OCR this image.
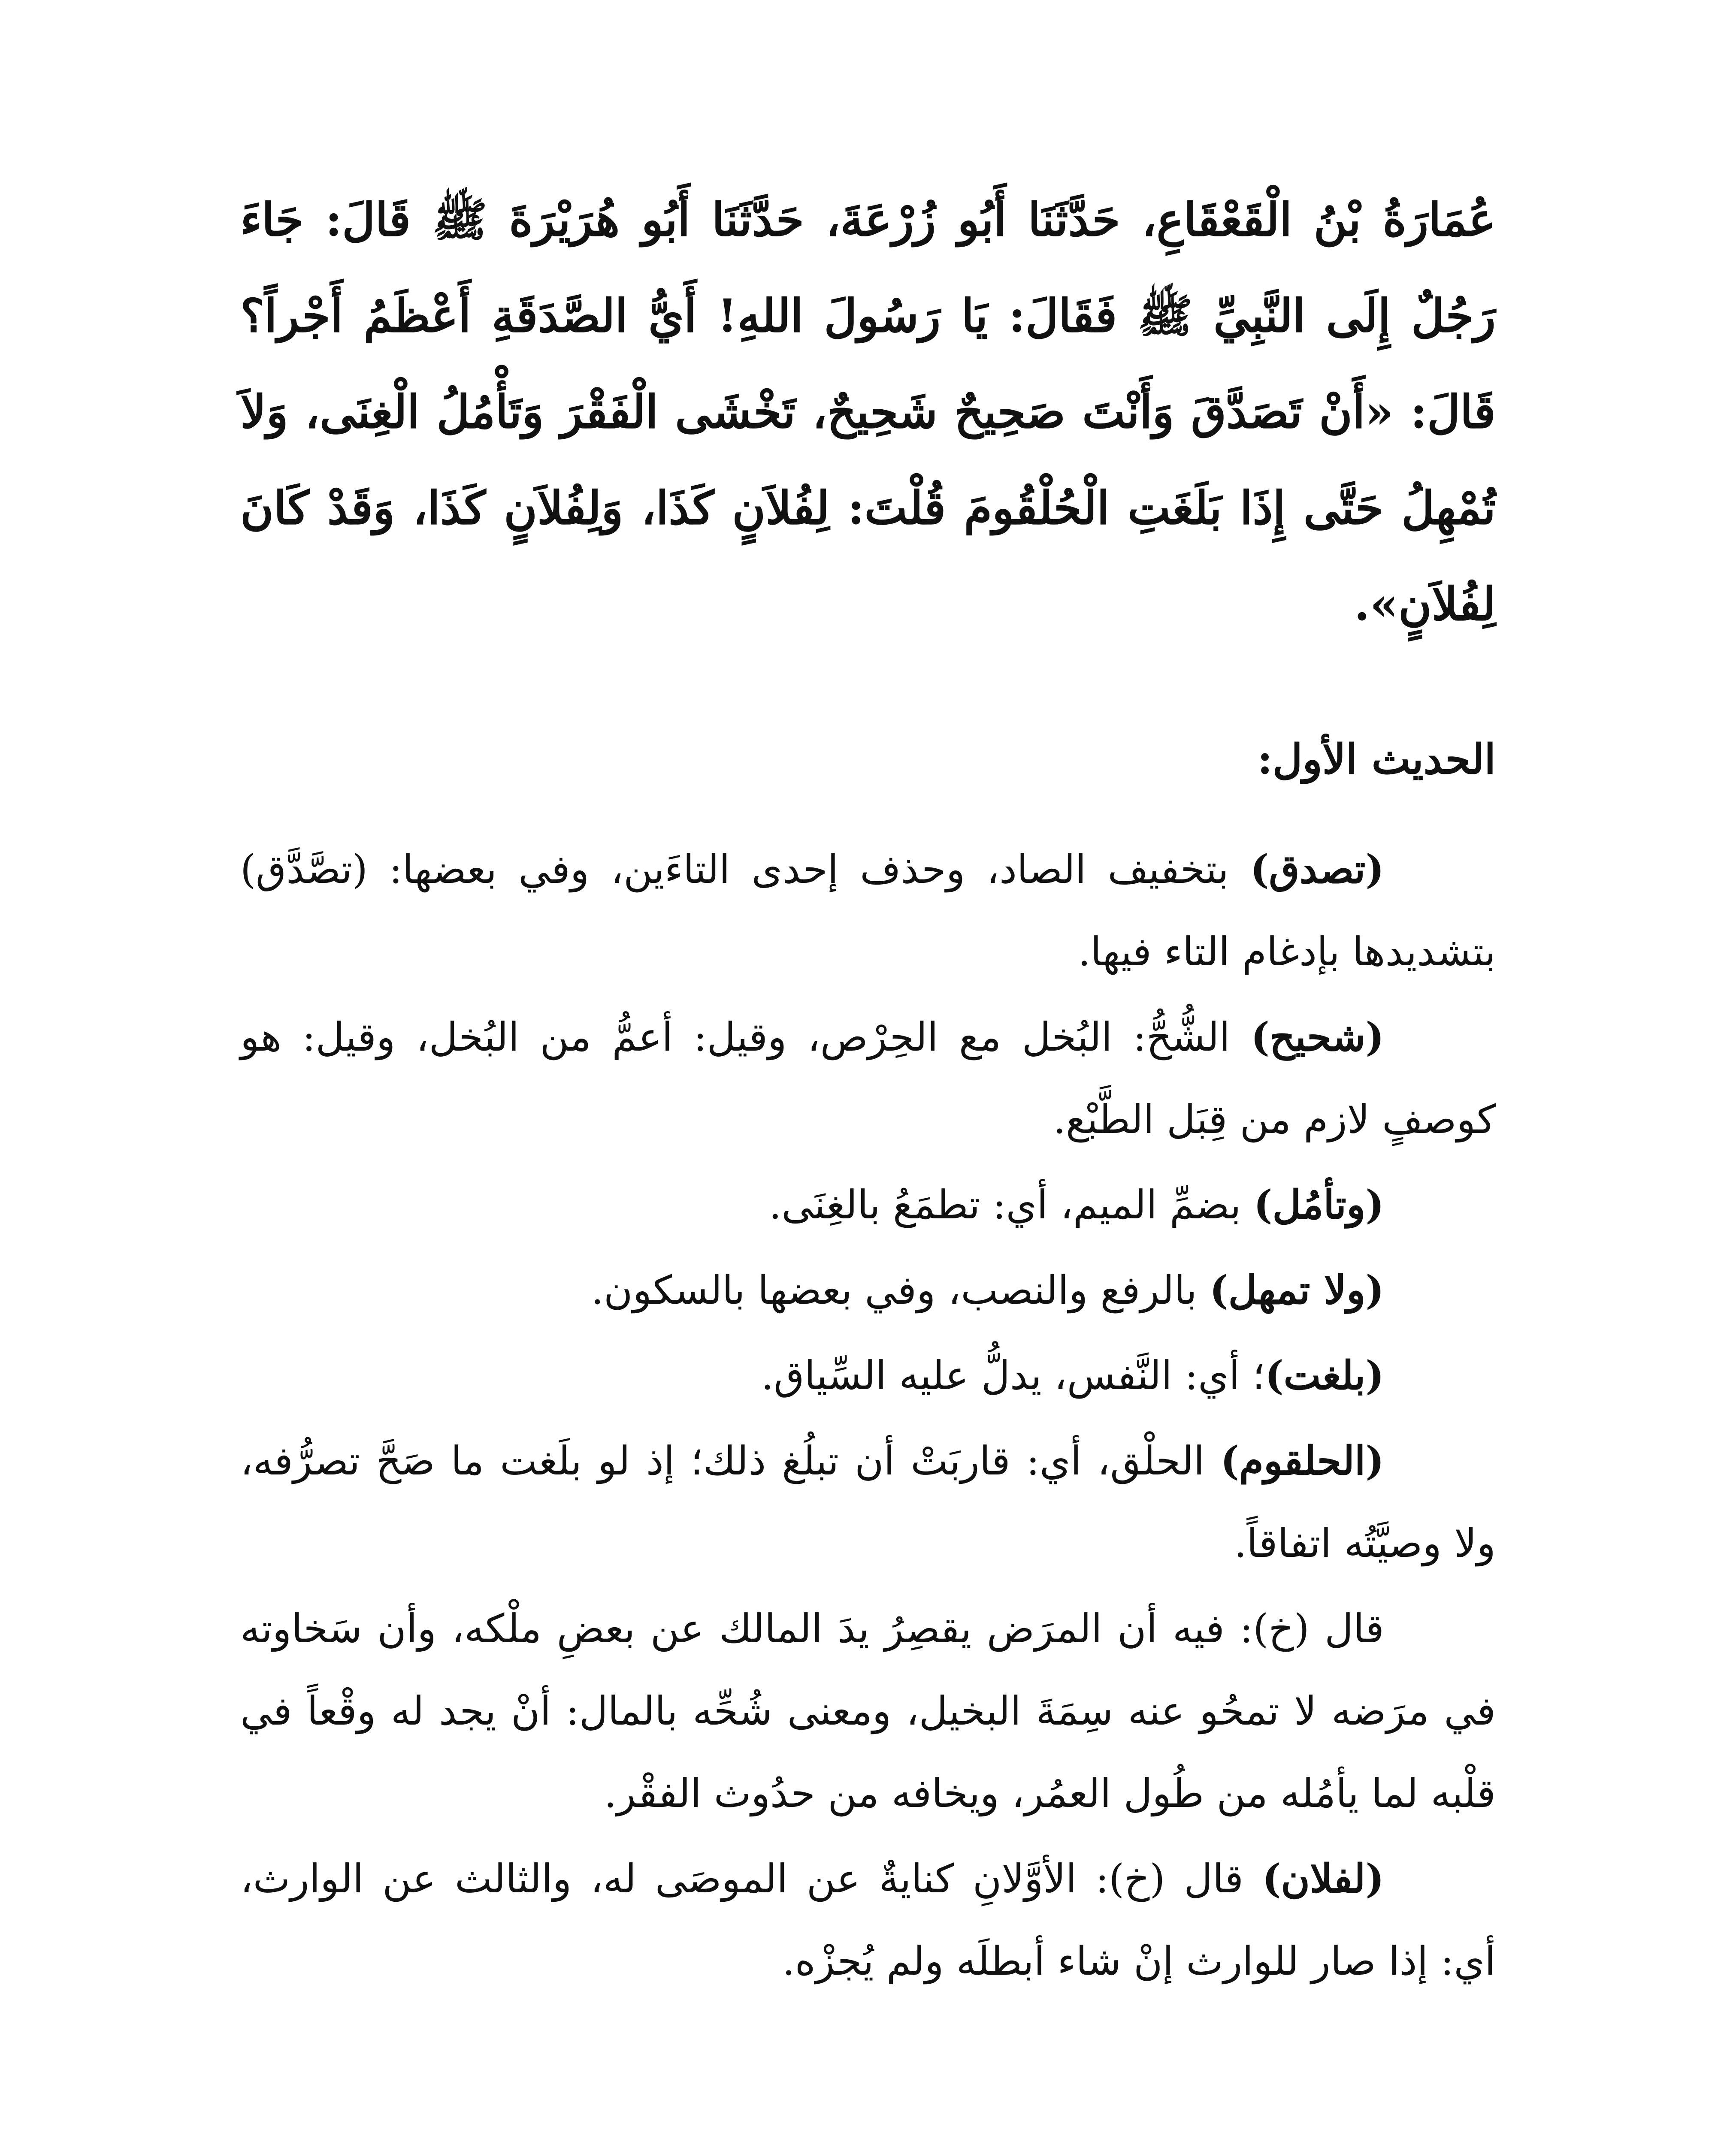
عُمَارَةُ بْنُ الْقَعْقَاعِ، حَدَّثَنَا أَبُو زُرْعَةَ، حَدَّثَنَا أَبُو هُرَيْرَةَ ﷺ قَالَ: جَاءَ رَجُلٌ إِلَى النَّبِيِّ ﷺ فَقَالَ: يَا رَسُولَ اللهِ! أَيُّ الصَّدَقَةِ أَعْظَمُ أَجْراً؟ قَالَ: «أَنْ تَصَدَّقَ وَأَنْتَ صَحِيحٌ شَحِيحٌ، تَخْشَى الْفَقْرَ وَتَأْمُلُ الْغِنَى، وَلاَ تُمْهِلُ حَتَّى إِذَا بَلَغَتِ الْحُلْقُومَ قُلْتَ: لِفُلاَنٍ كَذَا، وَلِفُلاَنٍ كَذَا، وَقَدْ كَانَ لِفُلاَنٍ».

الحديث الأول:

(تصدق) بتخفيف الصاد، وحذف إحدى التاءَين، وفي بعضها: (تصَّدَّق) بتشديدها بإدغام التاء فيها.

(شحيح) الشُّحُّ: البُخل مع الحِرْص، وقيل: أعمُّ من البُخل، وقيل: هو كوصفٍ لازم من قِبَل الطَّبْع.

(وتأمُل) بضمِّ الميم، أي: تطمَعُ بالغِنَى.

(ولا تمهل) بالرفع والنصب، وفي بعضها بالسكون.

(بلغت)؛ أي: النَّفس، يدلُّ عليه السِّياق.

(الحلقوم) الحلْق، أي: قاربَتْ أن تبلُغ ذلك؛ إذ لو بلَغت ما صَحَّ تصرُّفه، ولا وصيَّتُه اتفاقاً.

قال (خ): فيه أن المرَض يقصِرُ يدَ المالك عن بعضِ ملْكه، وأن سَخاوته في مرَضه لا تمحُو عنه سِمَةَ البخيل، ومعنى شُحِّه بالمال: أنْ يجد له وقْعاً في قلْبه لما يأمُله من طُول العمُر، ويخافه من حدُوث الفقْر.

(لفلان) قال (خ): الأوَّلانِ كنايةٌ عن الموصَى له، والثالث عن الوارث، أي: إذا صار للوارث إنْ شاء أبطلَه ولم يُجزْه.
